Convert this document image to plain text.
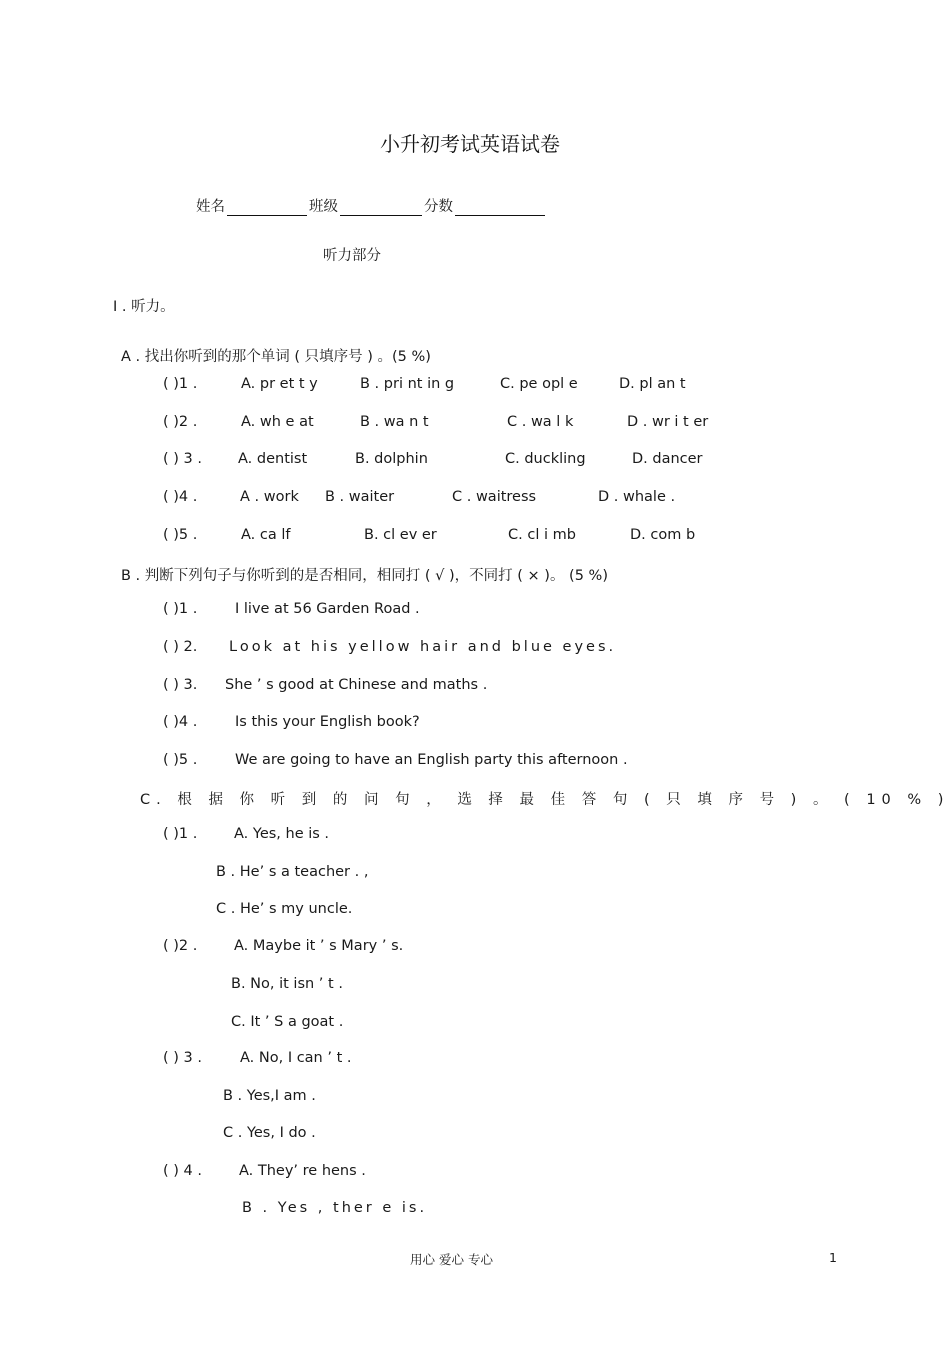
小升初考试英语试卷
姓名	班级	分数
听力部分
I . 听力。
A . 找出你听到的那个单词 ( 只填序号 ) 。(5 %)
( )1 .	A. pr et t y	B . pri nt in g	C. pe opl e	D. pl an t
( )2 .	A. wh e at	B . wa n t	C . wa l k	D . wr i t er
( ) 3 . A. dentist	B. dolphin	C. duckling	D. dancer
( )4 .	A . work B . waiter	C . waitress	D . whale .
( )5 .	A. ca lf	B. cl ev er	C. cl i mb	D. com b
B . 判断下列句子与你听到的是否相同，相同打 ( √ )，不同打 ( × )。 (5 %)
( )1 .	I live at 56 Garden Road .
( ) 2. Look at his yellow hair and blue eyes.
( ) 3. She ’ s good at Chinese and maths .
( )4 .	Is this your English book?
( )5 .	We are going to have an English party this afternoon .
C. 根 据 你 听 到 的 问 句 ， 选 择 最 佳 答 句 ( 只 填 序 号 ) 。 ( 10 % )
( )1 .	A. Yes, he is .
B . He’ s a teacher . ,
C . He’ s my uncle.
( )2 .	A. Maybe it ’ s Mary ’ s.
B. No, it isn ’ t .
C. It ’ S a goat .
( ) 3 .	A. No, I can ’ t .
B . Yes,I am .
C . Yes, I do .
( ) 4 .	A. They’ re hens .
B . Yes , ther e is.
用心 爱心 专心	1
